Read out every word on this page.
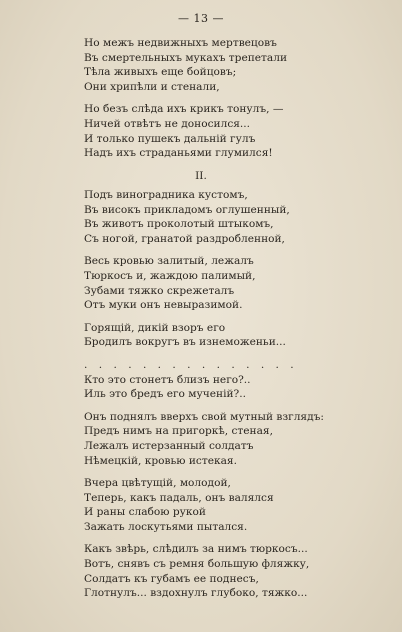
— 13 —
Но межъ недвижныхъ мертвецовъ
Въ смертельныхъ мукахъ трепетали
Тѣла живыхъ еще бойцовъ;
Они хрипѣли и стенали,
Но безъ слѣда ихъ крикъ тонулъ, —
Ничей отвѣтъ не доносился...
И только пушекъ дальній гулъ
Надъ ихъ страданьями глумился!
II.
Подъ виноградника кустомъ,
Въ високъ прикладомъ оглушенный,
Въ животъ проколотый штыкомъ,
Съ ногой, гранатой раздробленной,
Весь кровью залитый, лежалъ
Тюркосъ и, жаждою палимый,
Зубами тяжко скрежеталъ
Отъ муки онъ невыразимой.
Горящій, дикій взоръ его
Бродилъ вокругъ въ изнеможеньи...
. . . . . . . . . . . . . . .
Кто это стонетъ близъ него?..
Иль это бредъ его мученій?..
Онъ поднялъ вверхъ свой мутный взглядъ:
Предъ нимъ на пригоркѣ, стеная,
Лежалъ истерзанный солдатъ
Нѣмецкій, кровью истекая.
Вчера цвѣтущій, молодой,
Теперь, какъ падаль, онъ валялся
И раны слабою рукой
Зажать лоскутьями пытался.
Какъ звѣрь, слѣдилъ за нимъ тюркосъ...
Вотъ, снявъ съ ремня большую фляжку,
Солдатъ къ губамъ ее поднесъ,
Глотнулъ... вздохнулъ глубоко, тяжко...
